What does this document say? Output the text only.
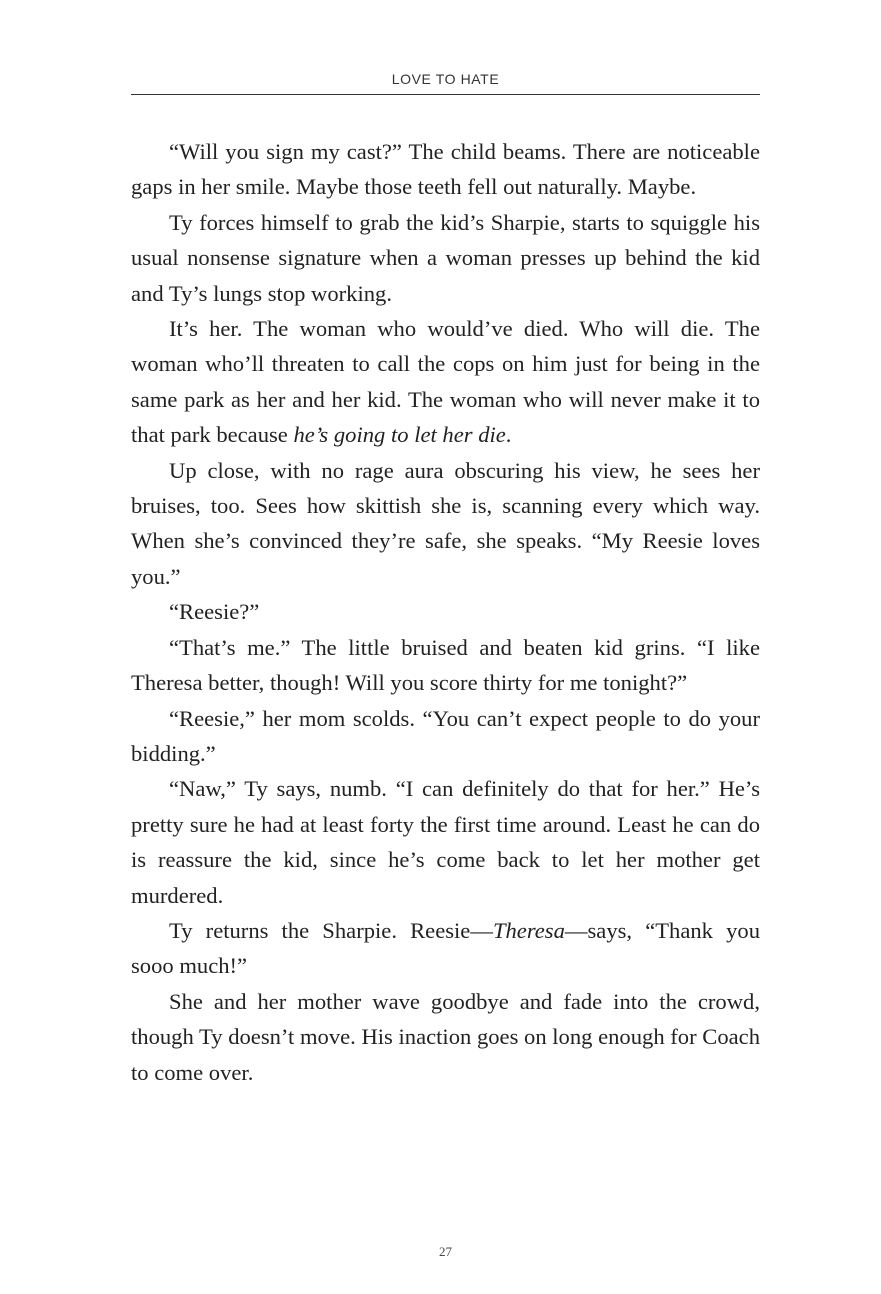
LOVE TO HATE

“Will you sign my cast?” The child beams. There are noticeable gaps in her smile. Maybe those teeth fell out naturally. Maybe.

Ty forces himself to grab the kid’s Sharpie, starts to squiggle his usual nonsense signature when a woman presses up behind the kid and Ty’s lungs stop working.

It’s her. The woman who would’ve died. Who will die. The woman who’ll threaten to call the cops on him just for being in the same park as her and her kid. The woman who will never make it to that park because he’s going to let her die.

Up close, with no rage aura obscuring his view, he sees her bruises, too. Sees how skittish she is, scanning every which way. When she’s convinced they’re safe, she speaks. “My Reesie loves you.”

“Reesie?”

“That’s me.” The little bruised and beaten kid grins. “I like Theresa better, though! Will you score thirty for me tonight?”

“Reesie,” her mom scolds. “You can’t expect people to do your bidding.”

“Naw,” Ty says, numb. “I can definitely do that for her.” He’s pretty sure he had at least forty the first time around. Least he can do is reassure the kid, since he’s come back to let her mother get murdered.

Ty returns the Sharpie. Reesie—Theresa—says, “Thank you sooo much!”

She and her mother wave goodbye and fade into the crowd, though Ty doesn’t move. His inaction goes on long enough for Coach to come over.

27
